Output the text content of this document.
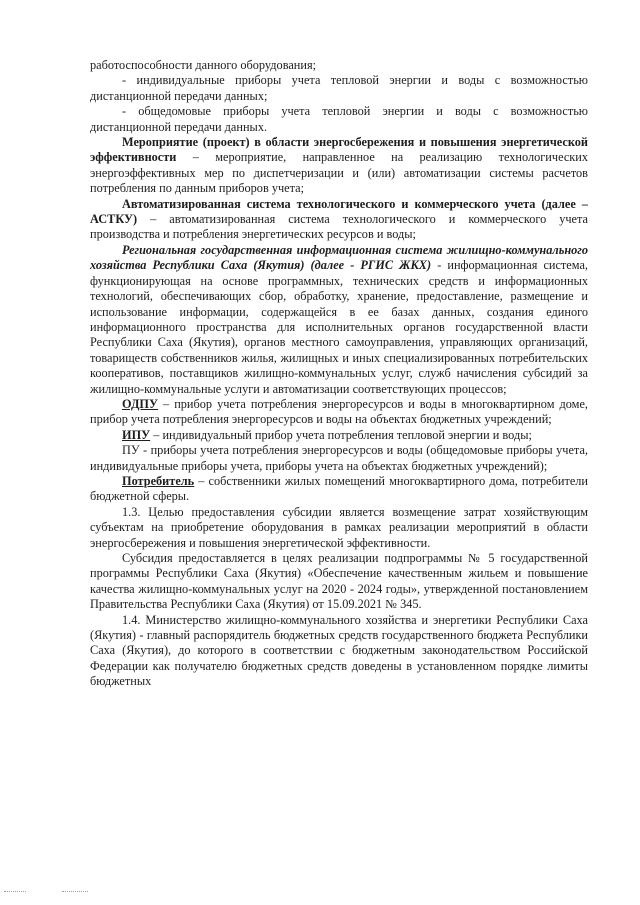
работоспособности данного оборудования;

- индивидуальные приборы учета тепловой энергии и воды с возможностью дистанционной передачи данных;

- общедомовые приборы учета тепловой энергии и воды с возможностью дистанционной передачи данных.

Мероприятие (проект) в области энергосбережения и повышения энергетической эффективности – мероприятие, направленное на реализацию технологических энергоэффективных мер по диспетчеризации и (или) автоматизации системы расчетов потребления по данным приборов учета;

Автоматизированная система технологического и коммерческого учета (далее – АСТКУ) – автоматизированная система технологического и коммерческого учета производства и потребления энергетических ресурсов и воды;

Региональная государственная информационная система жилищно-коммунального хозяйства Республики Саха (Якутия) (далее - РГИС ЖКХ) - информационная система, функционирующая на основе программных, технических средств и информационных технологий, обеспечивающих сбор, обработку, хранение, предоставление, размещение и использование информации, содержащейся в ее базах данных, создания единого информационного пространства для исполнительных органов государственной власти Республики Саха (Якутия), органов местного самоуправления, управляющих организаций, товариществ собственников жилья, жилищных и иных специализированных потребительских кооперативов, поставщиков жилищно-коммунальных услуг, служб начисления субсидий за жилищно-коммунальные услуги и автоматизации соответствующих процессов;

ОДПУ – прибор учета потребления энергоресурсов и воды в многоквартирном доме, прибор учета потребления энергоресурсов и воды на объектах бюджетных учреждений;

ИПУ – индивидуальный прибор учета потребления тепловой энергии и воды;

ПУ - приборы учета потребления энергоресурсов и воды (общедомовые приборы учета, индивидуальные приборы учета, приборы учета на объектах бюджетных учреждений);

Потребитель – собственники жилых помещений многоквартирного дома, потребители бюджетной сферы.

1.3. Целью предоставления субсидии является возмещение затрат хозяйствующим субъектам на приобретение оборудования в рамках реализации мероприятий в области энергосбережения и повышения энергетической эффективности.

Субсидия предоставляется в целях реализации подпрограммы № 5 государственной программы Республики Саха (Якутия) «Обеспечение качественным жильем и повышение качества жилищно-коммунальных услуг на 2020 - 2024 годы», утвержденной постановлением Правительства Республики Саха (Якутия) от 15.09.2021 № 345.

1.4. Министерство жилищно-коммунального хозяйства и энергетики Республики Саха (Якутия) - главный распорядитель бюджетных средств государственного бюджета Республики Саха (Якутия), до которого в соответствии с бюджетным законодательством Российской Федерации как получателю бюджетных средств доведены в установленном порядке лимиты бюджетных
